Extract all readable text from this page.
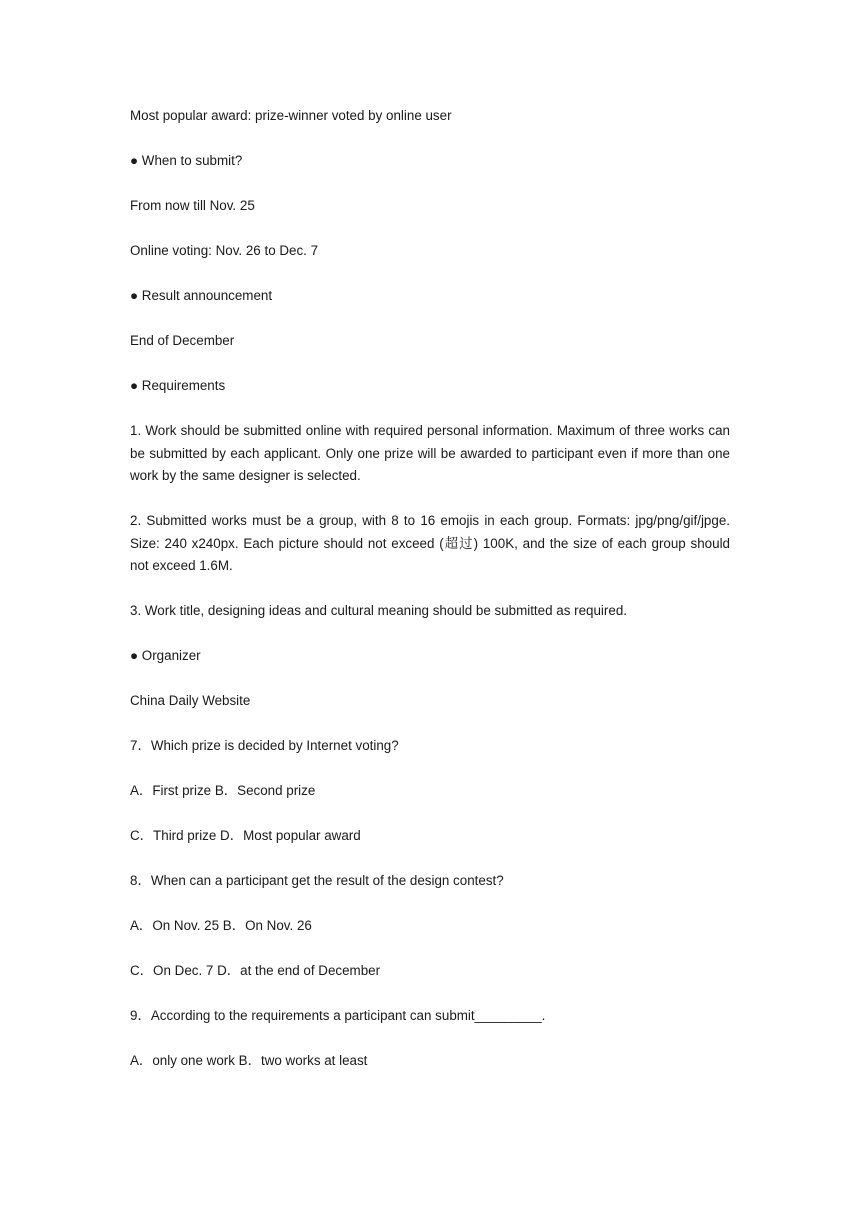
Most popular award: prize-winner voted by online user

● When to submit?

From now till Nov. 25

Online voting: Nov. 26 to Dec. 7

● Result announcement

End of December

● Requirements

1. Work should be submitted online with required personal information. Maximum of three works can be submitted by each applicant. Only one prize will be awarded to participant even if more than one work by the same designer is selected.

2. Submitted works must be a group, with 8 to 16 emojis in each group. Formats: jpg/png/gif/jpge. Size: 240 x240px. Each picture should not exceed (超过) 100K, and the size of each group should not exceed 1.6M.

3. Work title, designing ideas and cultural meaning should be submitted as required.

● Organizer

China Daily Website

7．Which prize is decided by Internet voting?

A．First prize B．Second prize

C．Third prize D．Most popular award

8．When can a participant get the result of the design contest?

A．On Nov. 25 B．On Nov. 26

C．On Dec. 7 D．at the end of December

9．According to the requirements a participant can submit_________.

A．only one work B．two works at least
